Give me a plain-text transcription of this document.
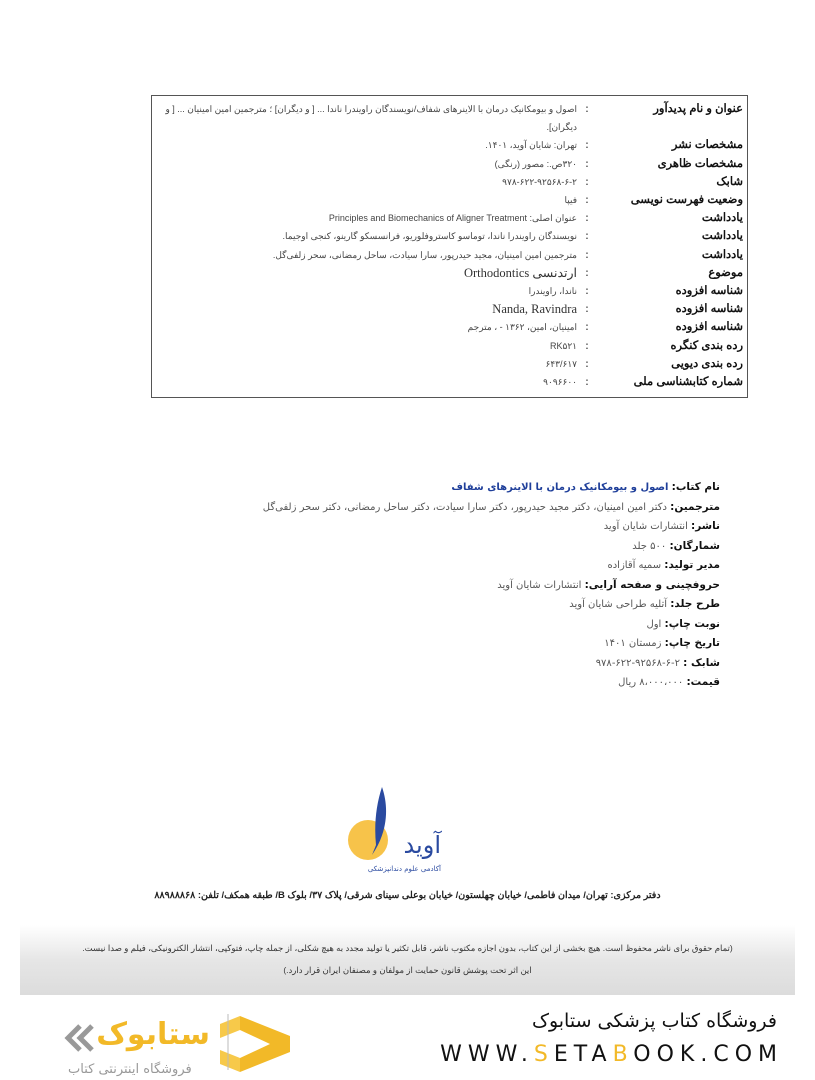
عنوان و نام پدیدآور
:
اصول و بیومکانیک درمان با الاینرهای شفاف/نویسندگان راویندرا ناندا ... [ و دیگران] ؛ مترجمین امین امینیان ... [ و دیگران].
مشخصات نشر
:
تهران: شایان آوید، ۱۴۰۱.
مشخصات ظاهری
:
۳۲۰ص.: مصور (رنگی)
شابک
:
۹۷۸-۶۲۲-۹۲۵۶۸-۶-۲
وضعیت فهرست نویسی
:
فیپا
یادداشت
:
عنوان اصلی: Principles and Biomechanics of Aligner Treatment
یادداشت
:
نویسندگان راویندرا ناندا، توماسو کاستروفلوریو، فرانسسکو گارینو، کنجی اوجیما.
یادداشت
:
مترجمین امین امینیان، مجید حیدرپور، سارا سیادت، ساحل رمضانی، سحر زلفی‌گل.
موضوع
:
ارتدنسی Orthodontics
شناسه افزوده
:
ناندا، راویندرا
شناسه افزوده
:
Nanda, Ravindra
شناسه افزوده
:
امینیان، امین، ۱۳۶۲ - ، مترجم
رده بندی کنگره
:
RK۵۲۱
رده بندی دیویی
:
۶۴۳/۶۱۷
شماره کتابشناسی ملی
:
۹۰۹۶۶۰۰
نام کتاب: اصول و بیومکانیک درمان با الاینرهای شفاف
مترجمین: دکتر امین امینیان، دکتر مجید حیدرپور، دکتر سارا سیادت، دکتر ساحل رمضانی، دکتر سحر زلفی‌گل
ناشر: انتشارات شایان آوید
شمارگان: ۵۰۰ جلد
مدیر تولید: سمیه آقازاده
حروفچینی و صفحه آرایی: انتشارات شایان آوید
طرح جلد: آتلیه طراحی شایان آوید
نوبت چاپ: اول
تاریخ چاپ: زمستان ۱۴۰۱
شابک : ۲-۶-۹۲۵۶۸-۶۲۲-۹۷۸
قیمت: ۸،۰۰۰،۰۰۰ ریال
آوید
آکادمی علوم دندانپزشکی
دفتر مرکزی: تهران/ میدان فاطمی/ خیابان چهلستون/ خیابان بوعلی سینای شرقی/ پلاک ۳۷/ بلوک B/ طبقه همکف/ تلفن: ۸۸۹۸۸۸۶۸
(تمام حقوق برای ناشر محفوظ است. هیچ بخشی از این کتاب، بدون اجازه مکتوب ناشر، قابل تکثیر یا تولید مجدد به هیچ شکلی، از جمله چاپ، فتوکپی، انتشار الکترونیکی، فیلم و صدا نیست.
این اثر تحت پوشش قانون حمایت از مولفان و مصنفان ایران قرار دارد.)
فروشگاه کتاب پزشکی ستابوک
WWW.SETABOOK.COM
ستابوک
فروشگاه اینترنتی کتاب
